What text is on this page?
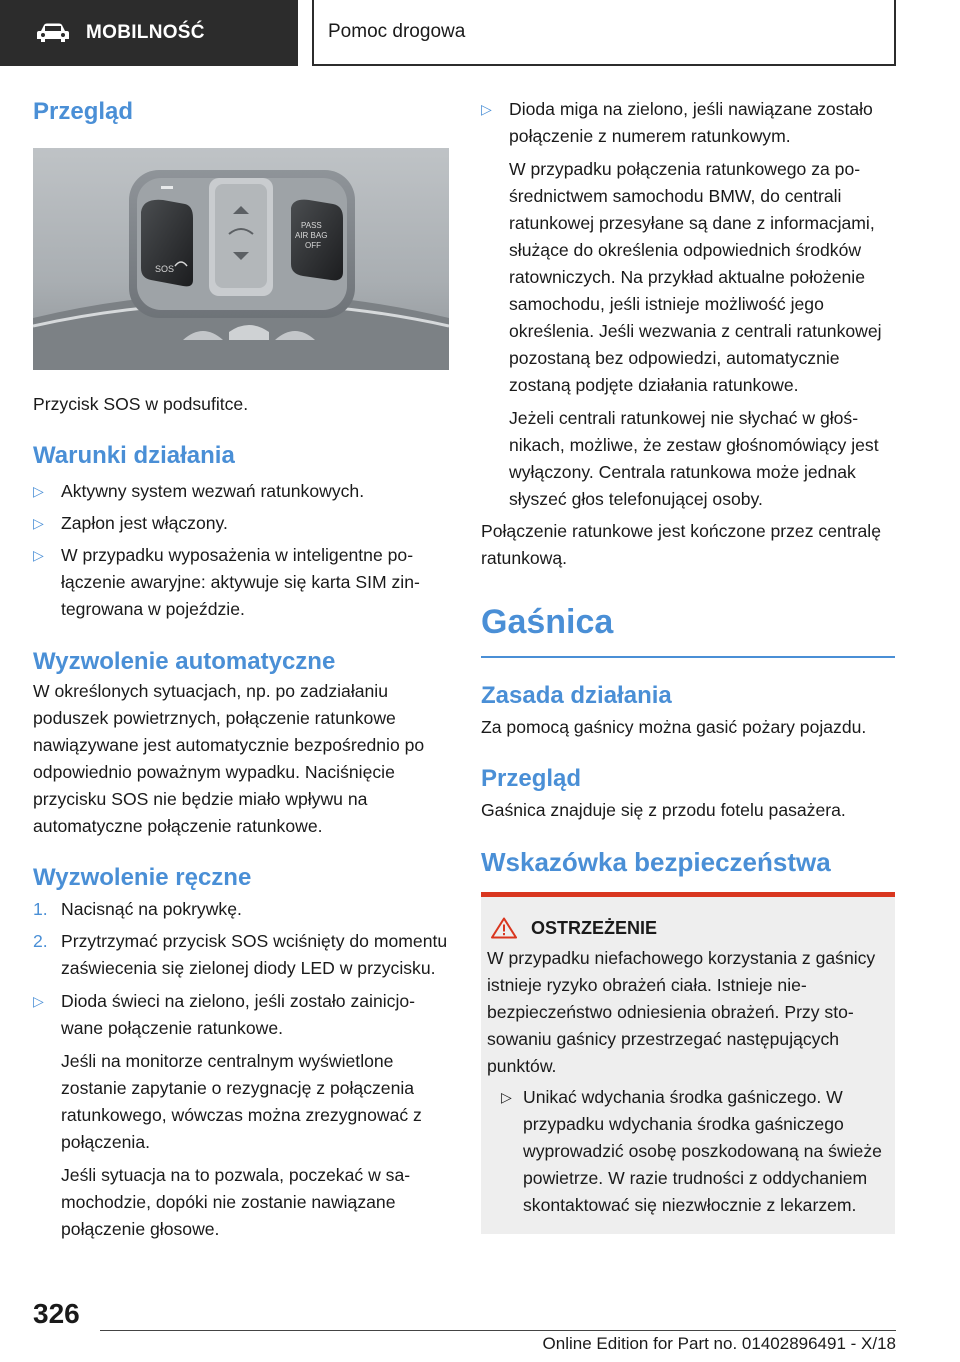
MOBILNOŚĆ	Pomoc drogowa
Przegląd
SOS
PASS
AIR BAG
OFF

Przycisk SOS w podsufitce.

Warunki działania
▷ Aktywny system wezwań ratunkowych.
▷ Zapłon jest włączony.
▷ W przypadku wyposażenia w inteligentne połączenie awaryjne: aktywuje się karta SIM zintegrowana w pojeździe.
Wyzwolenie automatyczne

W określonych sytuacjach, np. po zadziałaniu poduszek powietrznych, połączenie ratunkowe nawiązywane jest automatycznie bezpośrednio po odpowiednio poważnym wypadku. Naciśnięcie przycisku SOS nie będzie miało wpływu na automatyczne połączenie ratunkowe.

Wyzwolenie ręczne
1. Nacisnąć na pokrywkę.
2. Przytrzymać przycisk SOS wciśnięty do momentu zaświecenia się zielonej diody LED w przycisku.
▷ Dioda świeci na zielono, jeśli zostało zainicjowane połączenie ratunkowe.

Jeśli na monitorze centralnym wyświetlone zostanie zapytanie o rezygnację z połączenia ratunkowego, wówczas można zrezygnować z połączenia.

Jeśli sytuacja na to pozwala, poczekać w samochodzie, dopóki nie zostanie nawiązane połączenie głosowe.

▷ Dioda miga na zielono, jeśli nawiązane zostało połączenie z numerem ratunkowym.

W przypadku połączenia ratunkowego za pośrednictwem samochodu BMW, do centrali ratunkowej przesyłane są dane z informacjami, służące do określenia odpowiednich środków ratowniczych. Na przykład aktualne położenie samochodu, jeśli istnieje możliwość jego określenia. Jeśli wezwania z centrali ratunkowej pozostaną bez odpowiedzi, automatycznie zostaną podjęte działania ratunkowe.

Jeżeli centrali ratunkowej nie słychać w głośnikach, możliwe, że zestaw głośnomówiący jest wyłączony. Centrala ratunkowa może jednak słyszeć głos telefonującej osoby.

Połączenie ratunkowe jest kończone przez centralę ratunkową.

Gaśnica
Zasada działania

Za pomocą gaśnicy można gasić pożary pojazdu.

Przegląd

Gaśnica znajduje się z przodu fotelu pasażera.

Wskazówka bezpieczeństwa
OSTRZEŻENIE

W przypadku niefachowego korzystania z gaśnicy istnieje ryzyko obrażeń ciała. Istnieje niebezpieczeństwo odniesienia obrażeń. Przy stosowaniu gaśnicy przestrzegać następujących punktów.

▷ Unikać wdychania środka gaśniczego. W przypadku wdychania środka gaśniczego wyprowadzić osobę poszkodowaną na świeże powietrze. W razie trudności z oddychaniem skontaktować się niezwłocznie z lekarzem.
326
Online Edition for Part no. 01402896491 - X/18
